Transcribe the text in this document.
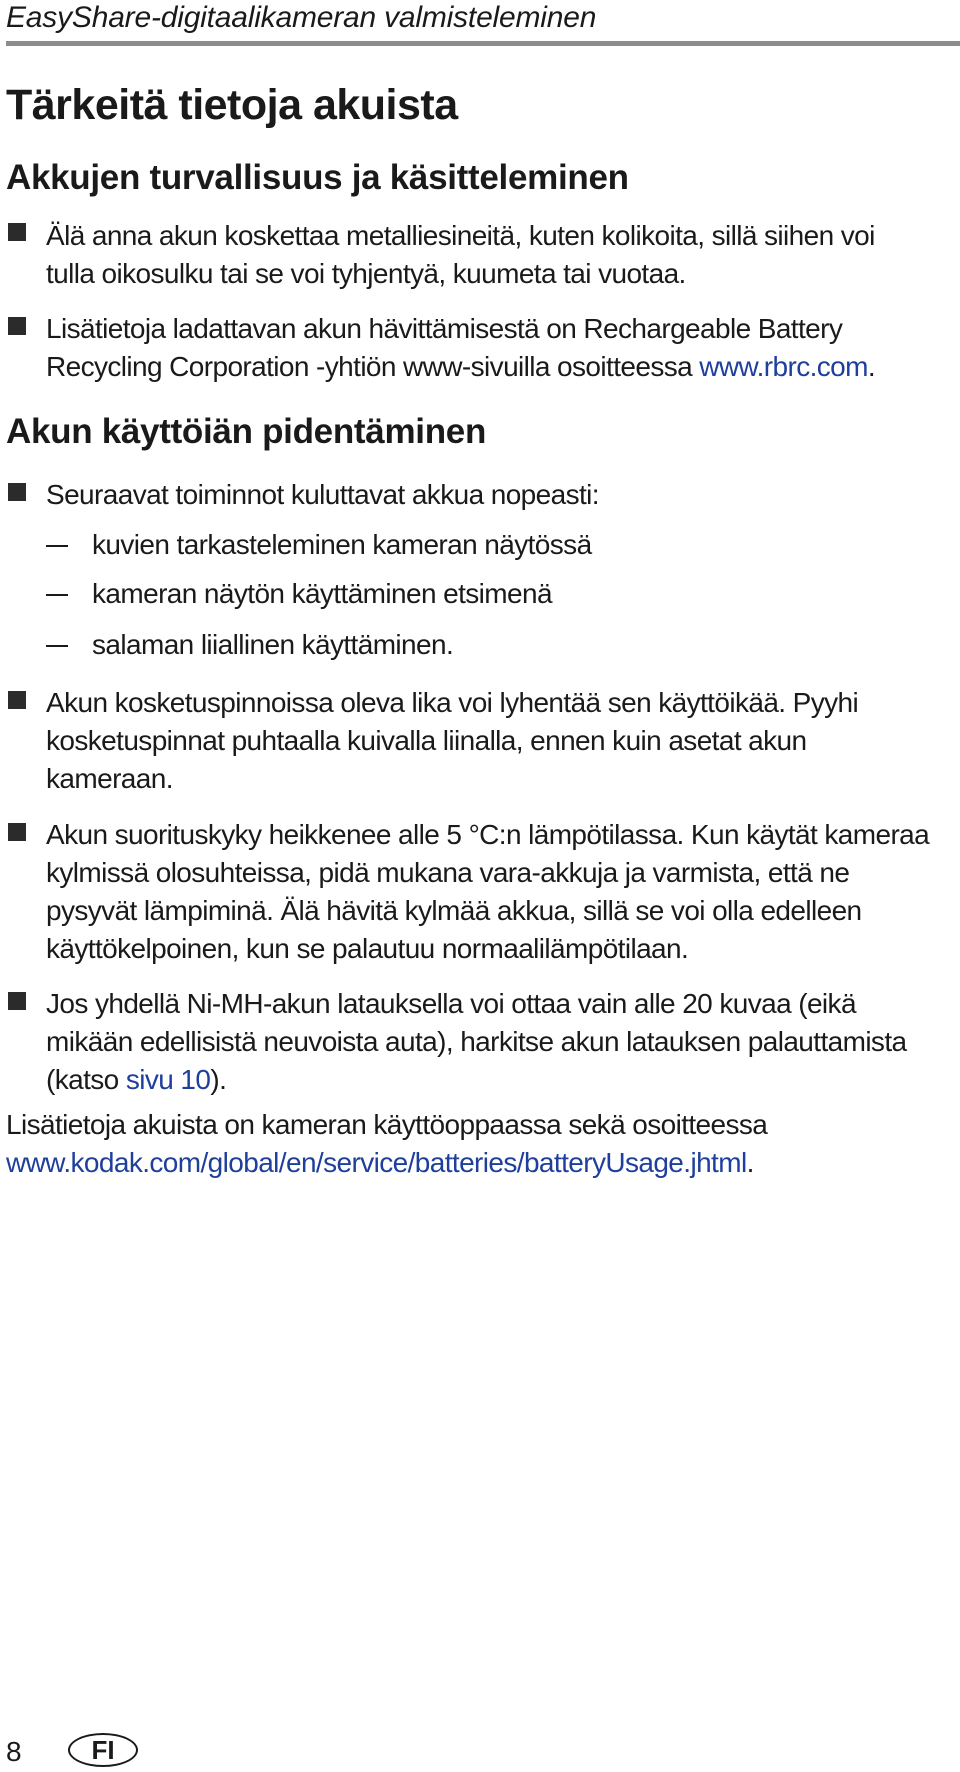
EasyShare-digitaalikameran valmisteleminen
Tärkeitä tietoja akuista
Akkujen turvallisuus ja käsitteleminen

Älä anna akun koskettaa metalliesineitä, kuten kolikoita, sillä siihen voi
tulla oikosulku tai se voi tyhjentyä, kuumeta tai vuotaa.

Lisätietoja ladattavan akun hävittämisestä on Rechargeable Battery
Recycling Corporation -yhtiön www-sivuilla osoitteessa www.rbrc.com.

Akun käyttöiän pidentäminen

Seuraavat toiminnot kuluttavat akkua nopeasti:

kuvien tarkasteleminen kameran näytössä

kameran näytön käyttäminen etsimenä

salaman liiallinen käyttäminen.

Akun kosketuspinnoissa oleva lika voi lyhentää sen käyttöikää. Pyyhi
kosketuspinnat puhtaalla kuivalla liinalla, ennen kuin asetat akun
kameraan.

Akun suorituskyky heikkenee alle 5 °C:n lämpötilassa. Kun käytät kameraa
kylmissä olosuhteissa, pidä mukana vara-akkuja ja varmista, että ne
pysyvät lämpiminä. Älä hävitä kylmää akkua, sillä se voi olla edelleen
käyttökelpoinen, kun se palautuu normaalilämpötilaan.

Jos yhdellä Ni-MH-akun latauksella voi ottaa vain alle 20 kuvaa (eikä
mikään edellisistä neuvoista auta), harkitse akun latauksen palauttamista
(katso sivu 10).

Lisätietoja akuista on kameran käyttöoppaassa sekä osoitteessa
www.kodak.com/global/en/service/batteries/batteryUsage.jhtml.

8	FI
